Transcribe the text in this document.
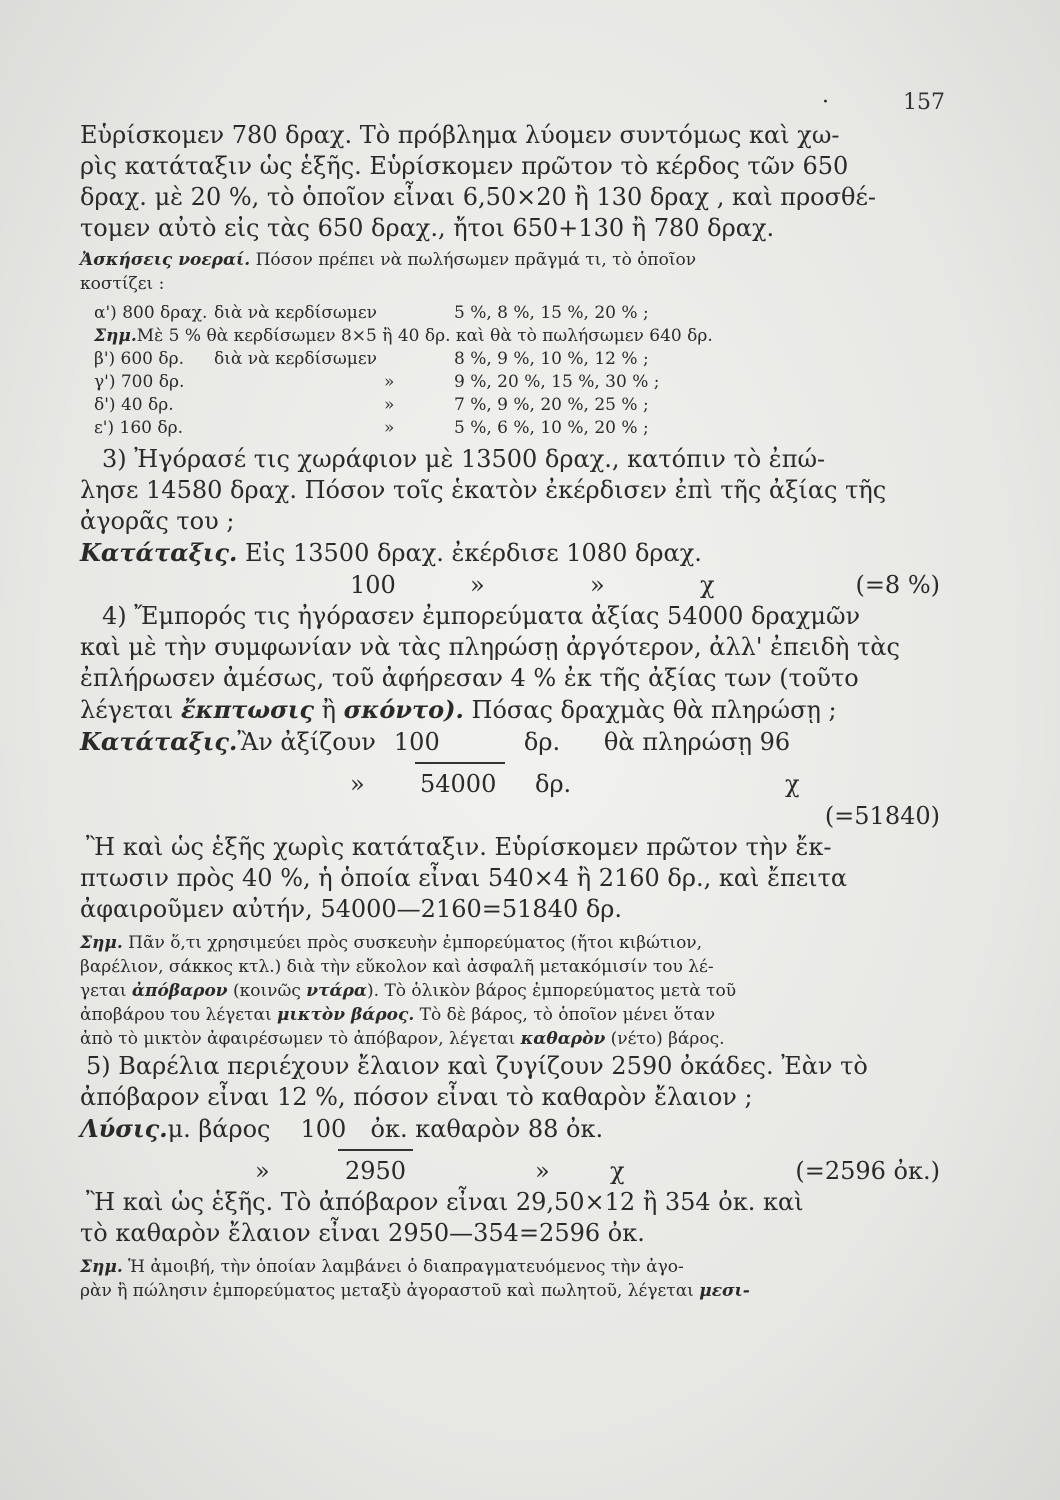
·	157

Εὑρίσκομεν 780 δραχ. Τὸ πρόβλημα λύομεν συντόμως καὶ χω-

ρὶς κατάταξιν ὡς ἑξῆς. Εὑρίσκομεν πρῶτον τὸ κέρδος τῶν 650

δραχ. μὲ 20 %, τὸ ὁποῖον εἶναι 6,50×20 ἢ 130 δραχ , καὶ προσθέ-

τομεν αὐτὸ εἰς τὰς 650 δραχ., ἤτοι 650+130 ἢ 780 δραχ.

Ἀσκήσεις νοεραί. Πόσον πρέπει νὰ πωλήσωμεν πρᾶγμά τι, τὸ ὁποῖον

κοστίζει :

α') 800 δραχ. διὰ νὰ κερδίσωμεν	5 %, 8 %, 15 %, 20 % ;
Σημ. Μὲ 5 % θὰ κερδίσωμεν 8×5 ἢ 40 δρ. καὶ θὰ τὸ πωλήσωμεν 640 δρ.
β') 600 δρ.	διὰ νὰ κερδίσωμεν	8 %, 9 %, 10 %, 12 % ;
γ') 700 δρ.	»	9 %, 20 %, 15 %, 30 % ;
δ') 40 δρ.	»	7 %, 9 %, 20 %, 25 % ;
ε') 160 δρ.	»	5 %, 6 %, 10 %, 20 % ;

3) Ἠγόρασέ τις χωράφιον μὲ 13500 δραχ., κατόπιν τὸ ἐπώ-

λησε 14580 δραχ. Πόσον τοῖς ἑκατὸν ἐκέρδισεν ἐπὶ τῆς ἀξίας τῆς

ἀγορᾶς του ;

Κατάταξις. Εἰς 13500 δραχ. ἐκέρδισε 1080 δραχ.

100	»	»	χ	(=8 %)

4) Ἔμπορός τις ἠγόρασεν ἐμπορεύματα ἀξίας 54000 δραχμῶν

καὶ μὲ τὴν συμφωνίαν νὰ τὰς πληρώσῃ ἀργότερον, ἀλλ' ἐπειδὴ τὰς

ἐπλήρωσεν ἀμέσως, τοῦ ἀφήρεσαν 4 % ἐκ τῆς ἀξίας των (τοῦτο

λέγεται ἔκπτωσις ἢ σκόντο). Πόσας δραχμὰς θὰ πληρώσῃ ;

Κατάταξις. Ἂν ἀξίζουν 100	δρ.	θὰ πληρώσῃ 96
»	54000	δρ.	χ
(=51840)

Ἢ καὶ ὡς ἑξῆς χωρὶς κατάταξιν. Εὑρίσκομεν πρῶτον τὴν ἔκ-

πτωσιν πρὸς 40 %, ἡ ὁποία εἶναι 540×4 ἢ 2160 δρ., καὶ ἔπειτα

ἀφαιροῦμεν αὐτήν, 54000—2160=51840 δρ.

Σημ. Πᾶν ὅ,τι χρησιμεύει πρὸς συσκευὴν ἐμπορεύματος (ἤτοι κιβώτιον,

βαρέλιον, σάκκος κτλ.) διὰ τὴν εὔκολον καὶ ἀσφαλῆ μετακόμισίν του λέ-

γεται ἀπόβαρον (κοινῶς ντάρα). Τὸ ὁλικὸν βάρος ἐμπορεύματος μετὰ τοῦ

ἀποβάρου του λέγεται μικτὸν βάρος. Τὸ δὲ βάρος, τὸ ὁποῖον μένει ὅταν

ἀπὸ τὸ μικτὸν ἀφαιρέσωμεν τὸ ἀπόβαρον, λέγεται καθαρὸν (νέτο) βάρος.

5) Βαρέλια περιέχουν ἔλαιον καὶ ζυγίζουν 2590 ὀκάδες. Ἐὰν τὸ

ἀπόβαρον εἶναι 12 %, πόσον εἶναι τὸ καθαρὸν ἔλαιον ;

Λύσις. μ. βάρος 100	ὀκ. καθαρὸν 88 ὀκ.
»	2950	»	χ	(=2596 ὀκ.)

Ἢ καὶ ὡς ἑξῆς. Τὸ ἀπόβαρον εἶναι 29,50×12 ἢ 354 ὀκ. καὶ

τὸ καθαρὸν ἔλαιον εἶναι 2950—354=2596 ὀκ.

Σημ. Ἡ ἀμοιβή, τὴν ὁποίαν λαμβάνει ὁ διαπραγματευόμενος τὴν ἀγο-

ρὰν ἢ πώλησιν ἐμπορεύματος μεταξὺ ἀγοραστοῦ καὶ πωλητοῦ, λέγεται μεσι-
